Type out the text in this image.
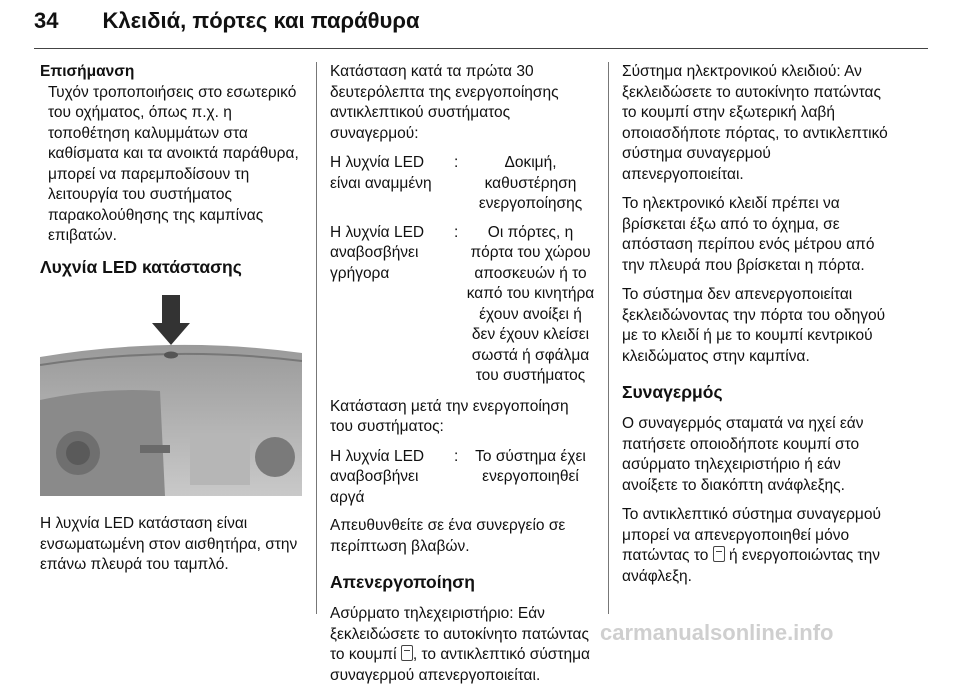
34 Κλειδιά, πόρτες και παράθυρα
Επισήμανση

Τυχόν τροποποιήσεις στο εσωτερικό του οχήματος, όπως π.χ. η τοποθέτηση καλυμμάτων στα καθίσματα και τα ανοικτά παράθυρα, μπορεί να παρεμποδίσουν τη λειτουργία του συστήματος παρακολούθησης της καμπίνας επιβατών.

Λυχνία LED κατάστασης

Η λυχνία LED κατάσταση είναι ενσωματωμένη στον αισθητήρα, στην επάνω πλευρά του ταμπλό.

Κατάσταση κατά τα πρώτα 30 δευτερόλεπτα της ενεργοποίησης αντικλεπτικού συστήματος συναγερμού:

Η λυχνία LED είναι αναμμένη
:	Δοκιμή, καθυστέρηση ενεργοποίησης
Η λυχνία LED αναβοσβήνει γρήγορα
:	Οι πόρτες, η πόρτα του χώρου αποσκευών ή το καπό του κινητήρα έχουν ανοίξει ή δεν έχουν κλείσει σωστά ή σφάλμα του συστήματος

Κατάσταση μετά την ενεργοποίηση του συστήματος:

Η λυχνία LED αναβοσβήνει αργά
:	Το σύστημα έχει ενεργοποιηθεί

Απευθυνθείτε σε ένα συνεργείο σε περίπτωση βλαβών.

Απενεργοποίηση

Ασύρματο τηλεχειριστήριο: Εάν ξεκλειδώσετε το αυτοκίνητο πατώντας το κουμπί , το αντικλεπτικό σύστημα συναγερμού απενεργοποιείται.

Σύστημα ηλεκτρονικού κλειδιού: Αν ξεκλειδώσετε το αυτοκίνητο πατώντας το κουμπί στην εξωτερική λαβή οποιασδήποτε πόρτας, το αντικλεπτικό σύστημα συναγερμού απενεργοποιείται.

Το ηλεκτρονικό κλειδί πρέπει να βρίσκεται έξω από το όχημα, σε απόσταση περίπου ενός μέτρου από την πλευρά που βρίσκεται η πόρτα.

Το σύστημα δεν απενεργοποιείται ξεκλειδώνοντας την πόρτα του οδηγού με το κλειδί ή με το κουμπί κεντρικού κλειδώματος στην καμπίνα.

Συναγερμός

Ο συναγερμός σταματά να ηχεί εάν πατήσετε οποιοδήποτε κουμπί στο ασύρματο τηλεχειριστήριο ή εάν ανοίξετε το διακόπτη ανάφλεξης.

Το αντικλεπτικό σύστημα συναγερμού μπορεί να απενεργοποιηθεί μόνο πατώντας το ή ενεργοποιώντας την ανάφλεξη.

carmanualsonline.info
